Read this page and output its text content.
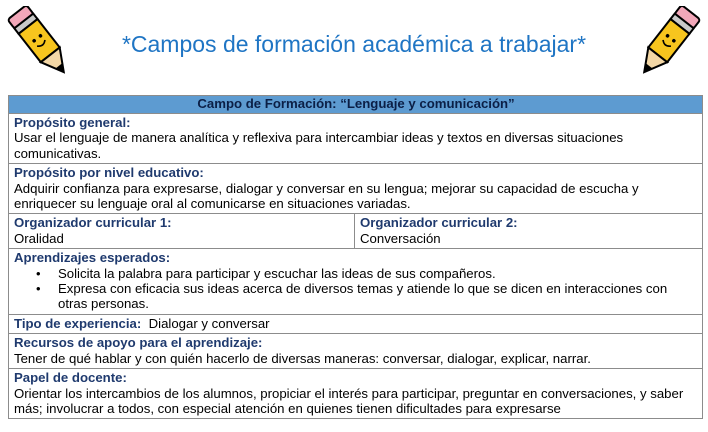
*Campos de formación académica a trabajar*
Campo de Formación: “Lenguaje y comunicación”

Propósito general:
Usar el lenguaje de manera analítica y reflexiva para intercambiar ideas y textos en diversas situaciones comunicativas.

Propósito por nivel educativo:
Adquirir confianza para expresarse, dialogar y conversar en su lengua; mejorar su capacidad de escucha y enriquecer su lenguaje oral al comunicarse en situaciones variadas.

Organizador curricular 1:
Oralidad	
Organizador curricular 2:
Conversación

Aprendizajes esperados:
• Solicita la palabra para participar y escuchar las ideas de sus compañeros.
• Expresa con eficacia sus ideas acerca de diversos temas y atiende lo que se dicen en interacciones con otras personas.

Tipo de experiencia: Dialogar y conversar

Recursos de apoyo para el aprendizaje:
Tener de qué hablar y con quién hacerlo de diversas maneras: conversar, dialogar, explicar, narrar.

Papel de docente:
Orientar los intercambios de los alumnos, propiciar el interés para participar, preguntar en conversaciones, y saber más; involucrar a todos, con especial atención en quienes tienen dificultades para expresarse
